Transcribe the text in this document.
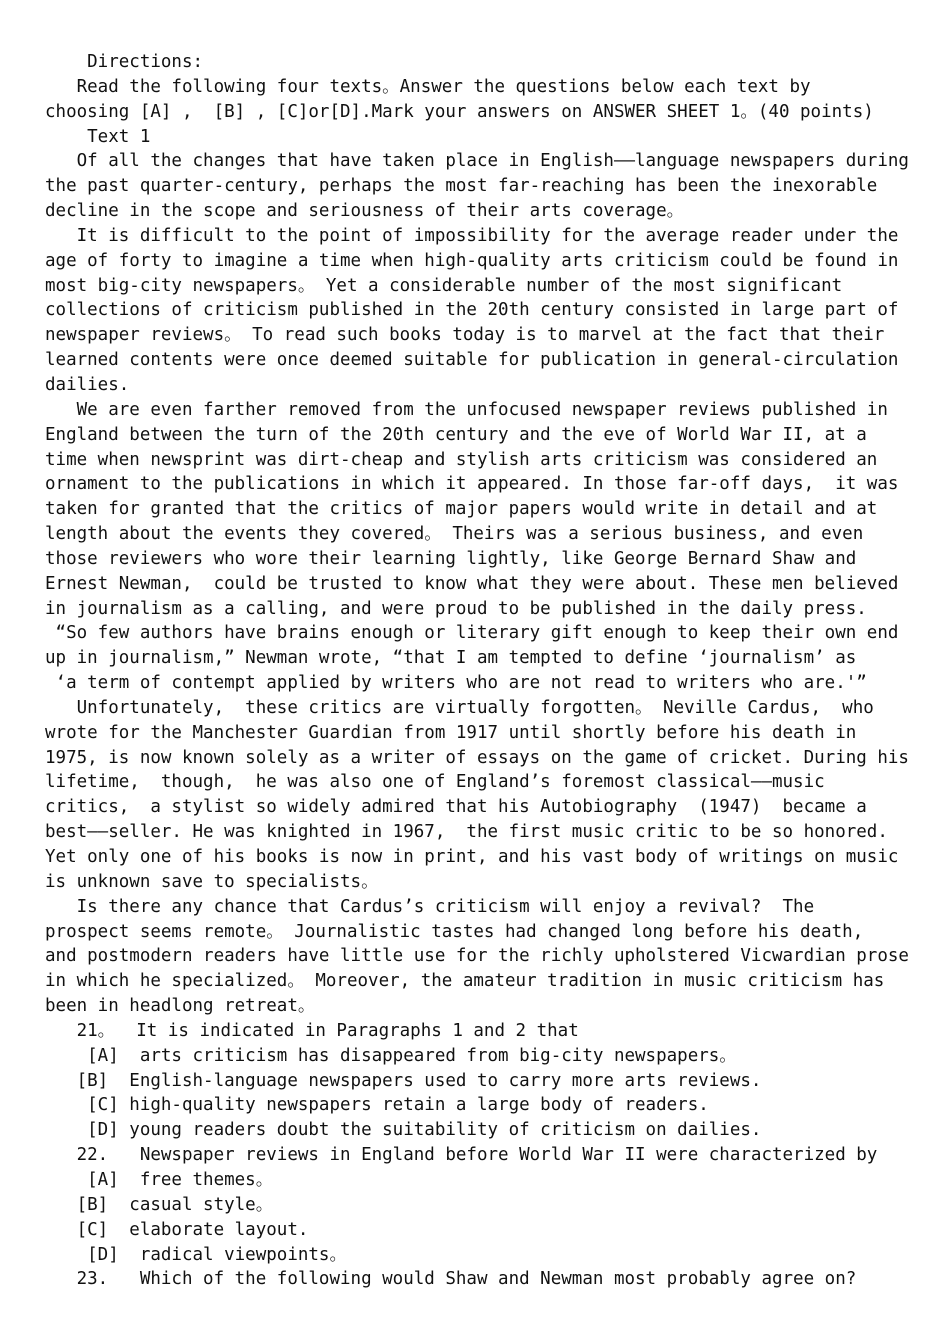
Directions:
Read the following four texts。Answer the questions below each text by
choosing [A] ,  [B] , [C]or[D].Mark your answers on ANSWER SHEET 1。(40 points)
Text 1
Of all the changes that have taken place in English——language newspapers during
the past quarter-century, perhaps the most far-reaching has been the inexorable
decline in the scope and seriousness of their arts coverage。
It is difficult to the point of impossibility for the average reader under the
age of forty to imagine a time when high-quality arts criticism could be found in
most big-city newspapers。 Yet a considerable number of the most significant
collections of criticism published in the 20th century consisted in large part of
newspaper reviews。 To read such books today is to marvel at the fact that their
learned contents were once deemed suitable for publication in general-circulation
dailies.
We are even farther removed from the unfocused newspaper reviews published in
England between the turn of the 20th century and the eve of World War II, at a
time when newsprint was dirt-cheap and stylish arts criticism was considered an
ornament to the publications in which it appeared. In those far-off days,  it was
taken for granted that the critics of major papers would write in detail and at
length about the events they covered。 Theirs was a serious business, and even
those reviewers who wore their learning lightly, like George Bernard Shaw and
Ernest Newman,  could be trusted to know what they were about. These men believed
in journalism as a calling, and were proud to be published in the daily press.
“So few authors have brains enough or literary gift enough to keep their own end
up in journalism,” Newman wrote, “that I am tempted to define ‘journalism’ as
‘a term of contempt applied by writers who are not read to writers who are.'”
Unfortunately,  these critics are virtually forgotten。 Neville Cardus,  who
wrote for the Manchester Guardian from 1917 until shortly before his death in
1975, is now known solely as a writer of essays on the game of cricket. During his
lifetime,  though,  he was also one of England’s foremost classical——music
critics,  a stylist so widely admired that his Autobiography  (1947)  became a
best——seller. He was knighted in 1967,  the first music critic to be so honored.
Yet only one of his books is now in print, and his vast body of writings on music
is unknown save to specialists。
Is there any chance that Cardus’s criticism will enjoy a revival?  The
prospect seems remote。 Journalistic tastes had changed long before his death,
and postmodern readers have little use for the richly upholstered Vicwardian prose
in which he specialized。 Moreover, the amateur tradition in music criticism has
been in headlong retreat。
21。  It is indicated in Paragraphs 1 and 2 that
[A]  arts criticism has disappeared from big-city newspapers。
[B]  English-language newspapers used to carry more arts reviews.
[C] high-quality newspapers retain a large body of readers.
[D] young readers doubt the suitability of criticism on dailies.
22.   Newspaper reviews in England before World War II were characterized by
[A]  free themes。
[B]  casual style。
[C]  elaborate layout.
[D]  radical viewpoints。
23.   Which of the following would Shaw and Newman most probably agree on?
